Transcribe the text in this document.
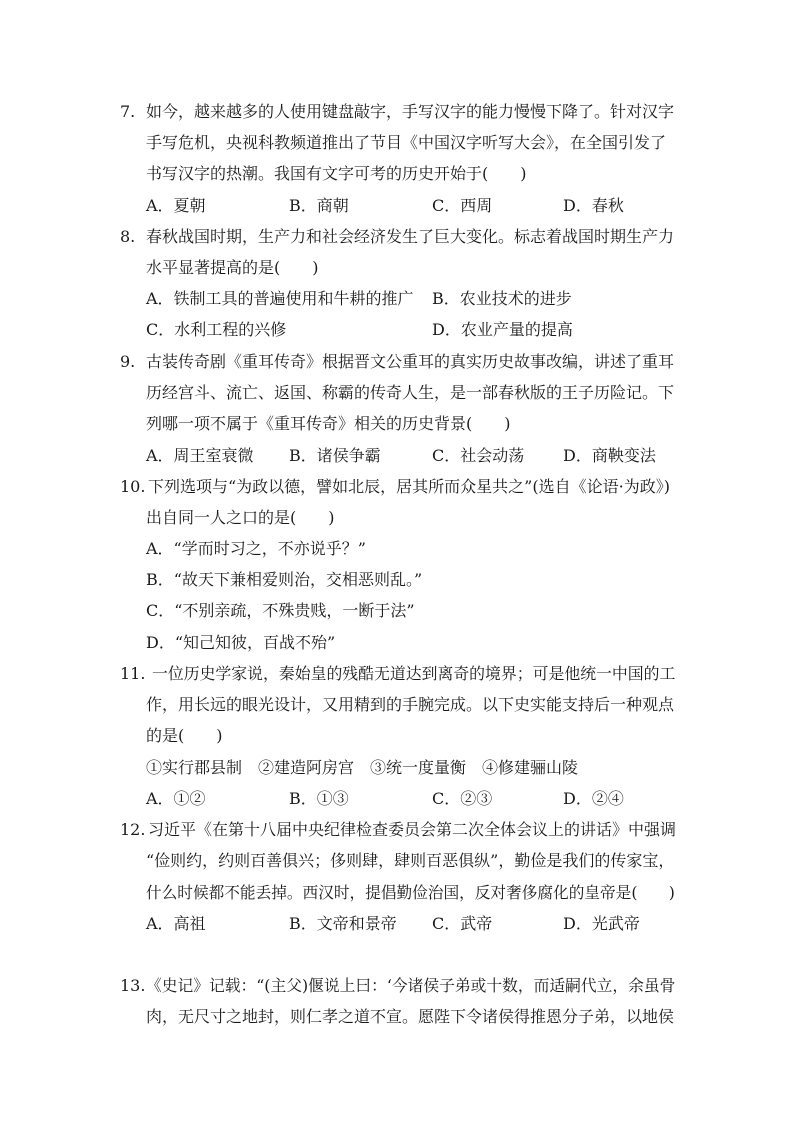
7. 如今，越来越多的人使用键盘敲字，手写汉字的能力慢慢下降了。针对汉字
手写危机，央视科教频道推出了节目《中国汉字听写大会》，在全国引发了
书写汉字的热潮。我国有文字可考的历史开始于(　　)
A．夏朝	B．商朝	C．西周	D．春秋
8. 春秋战国时期，生产力和社会经济发生了巨大变化。标志着战国时期生产力
水平显著提高的是(　　)
A．铁制工具的普遍使用和牛耕的推广 B．农业技术的进步
C．水利工程的兴修	D．农业产量的提高
9. 古装传奇剧《重耳传奇》根据晋文公重耳的真实历史故事改编，讲述了重耳
历经宫斗、流亡、返国、称霸的传奇人生，是一部春秋版的王子历险记。下
列哪一项不属于《重耳传奇》相关的历史背景(　　)
A．周王室衰微 B．诸侯争霸	C．社会动荡 D．商鞅变法
10. 下列选项与“为政以德，譬如北辰，居其所而众星共之”(选自《论语·为政》)
出自同一人之口的是(　　)
A．“学而时习之，不亦说乎？”
B．“故天下兼相爱则治，交相恶则乱。”
C．“不别亲疏，不殊贵贱，一断于法”
D．“知己知彼，百战不殆”
11. 一位历史学家说，秦始皇的残酷无道达到离奇的境界；可是他统一中国的工
作，用长远的眼光设计，又用精到的手腕完成。以下史实能支持后一种观点
的是(　　)
①实行郡县制　②建造阿房宫　③统一度量衡　④修建骊山陵
A．①②	B．①③	C．②③	D．②④
12. 习近平《在第十八届中央纪律检查委员会第二次全体会议上的讲话》中强调
“俭则约，约则百善俱兴；侈则肆，肆则百恶俱纵”，勤俭是我们的传家宝，
什么时候都不能丢掉。西汉时，提倡勤俭治国，反对奢侈腐化的皇帝是(　　)
A．高祖	B．文帝和景帝 C．武帝	D．光武帝
13. 《史记》记载：“(主父)偃说上曰：‘今诸侯子弟或十数，而适嗣代立，余虽骨
肉，无尺寸之地封，则仁孝之道不宣。愿陛下令诸侯得推恩分子弟，以地侯
